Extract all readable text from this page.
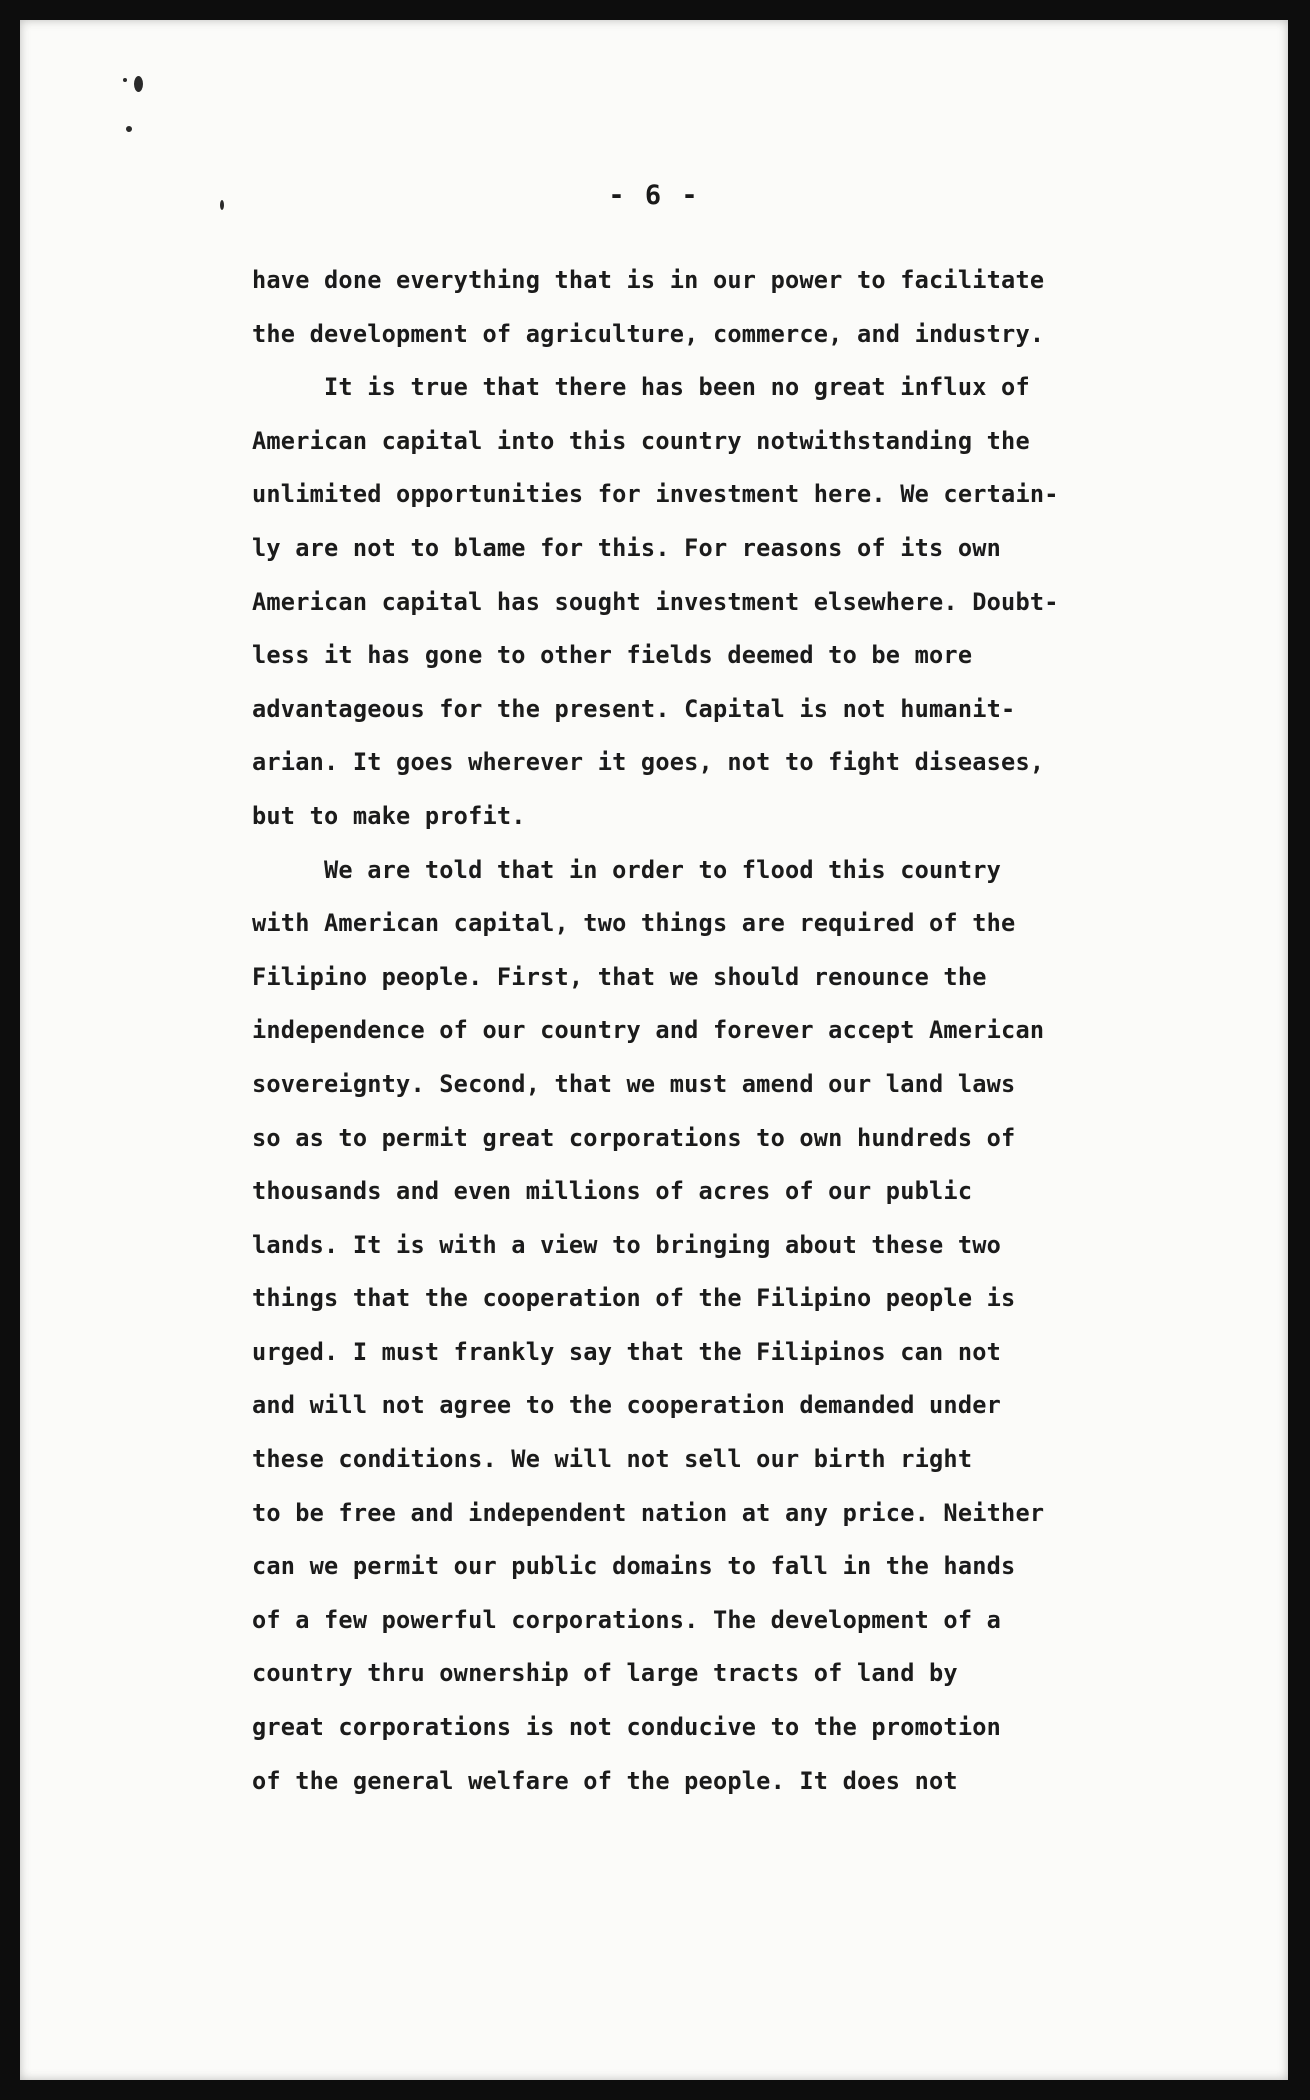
- 6 -
have done everything that is in our power to facilitate
the development of agriculture, commerce, and industry.
It is true that there has been no great influx of
American capital into this country notwithstanding the
unlimited opportunities for investment here. We certain-
ly are not to blame for this. For reasons of its own
American capital has sought investment elsewhere. Doubt-
less it has gone to other fields deemed to be more
advantageous for the present. Capital is not humanit-
arian. It goes wherever it goes, not to fight diseases,
but to make profit.
We are told that in order to flood this country
with American capital, two things are required of the
Filipino people. First, that we should renounce the
independence of our country and forever accept American
sovereignty. Second, that we must amend our land laws
so as to permit great corporations to own hundreds of
thousands and even millions of acres of our public
lands. It is with a view to bringing about these two
things that the cooperation of the Filipino people is
urged. I must frankly say that the Filipinos can not
and will not agree to the cooperation demanded under
these conditions. We will not sell our birth right
to be free and independent nation at any price. Neither
can we permit our public domains to fall in the hands
of a few powerful corporations. The development of a
country thru ownership of large tracts of land by
great corporations is not conducive to the promotion
of the general welfare of the people. It does not
